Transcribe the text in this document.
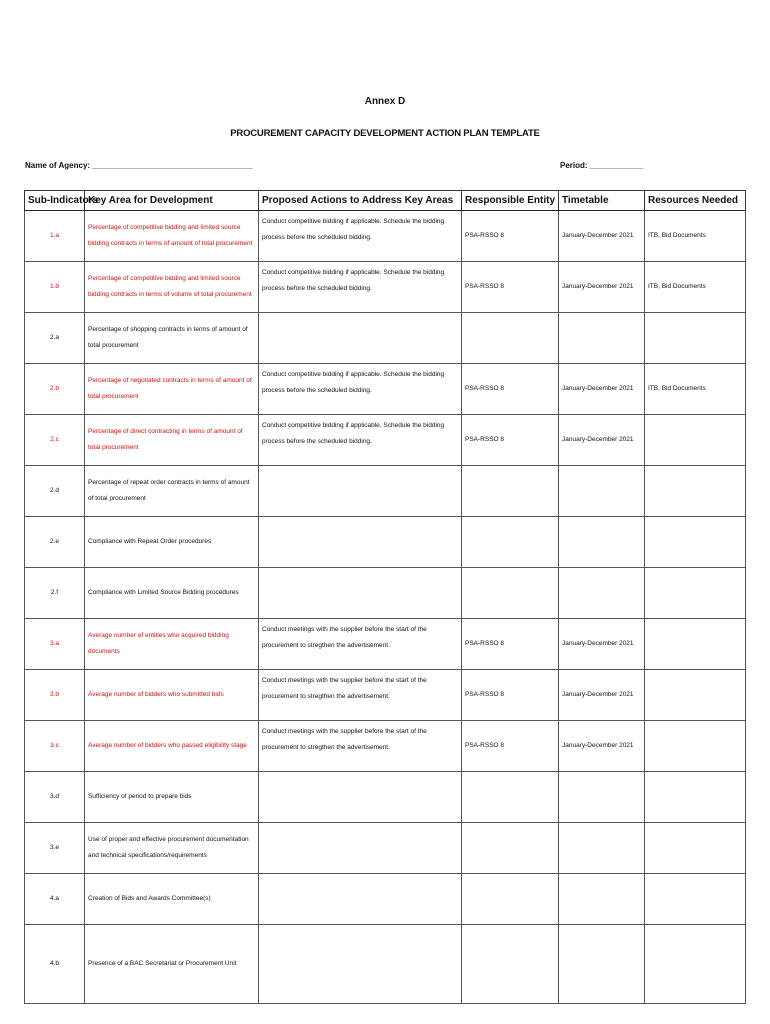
Annex D
PROCUREMENT CAPACITY DEVELOPMENT ACTION PLAN TEMPLATE
Name of Agency: ____________________________________	Period: ____________
Sub-Indicators	Key Area for Development	Proposed Actions to Address Key Areas	Responsible Entity	Timetable	Resources Needed
1.a	Percentage of competitive bidding and limited source bidding contracts in terms of amount of total procurement	Conduct competitive bidding if applicable. Schedule the bidding process before the scheduled bidding.	PSA-RSSO 8	January-December 2021	ITB, Bid Documents
1.b	Percentage of competitive bidding and limited source bidding contracts in terms of volume of total procurement	Conduct competitive bidding if applicable. Schedule the bidding process before the scheduled bidding.	PSA-RSSO 8	January-December 2021	ITB, Bid Documents
2.a	Percentage of shopping contracts in terms of amount of total procurement				
2.b	Percentage of negotiated contracts in terms of amount of total procurement	Conduct competitive bidding if applicable. Schedule the bidding process before the scheduled bidding.	PSA-RSSO 8	January-December 2021	ITB, Bid Documents
2.c	Percentage of direct contracting in terms of amount of total procurement	Conduct competitive bidding if applicable. Schedule the bidding process before the scheduled bidding.	PSA-RSSO 8	January-December 2021	
2.d	Percentage of repeat order contracts in terms of amount of total procurement				
2.e	Compliance with Repeat Order procedures				
2.f	Compliance with Limited Source Bidding procedures				
3.a	Average number of entities who acquired bidding documents	Conduct meetings with the supplier before the start of the procurement to stregthen the advertisement.	PSA-RSSO 8	January-December 2021	
3.b	Average number of bidders who submitted bids	Conduct meetings with the supplier before the start of the procurement to stregthen the advertisement.	PSA-RSSO 8	January-December 2021	
3.c	Average number of bidders who passed eligibility stage	Conduct meetings with the supplier before the start of the procurement to stregthen the advertisement.	PSA-RSSO 8	January-December 2021	
3.d	Sufficiency of period to prepare bids				
3.e	Use of proper and effective procurement documentation and technical specifications/requirements				
4.a	Creation of Bids and Awards Committee(s)				
4.b	Presence of a BAC Secretariat or Procurement Unit				
